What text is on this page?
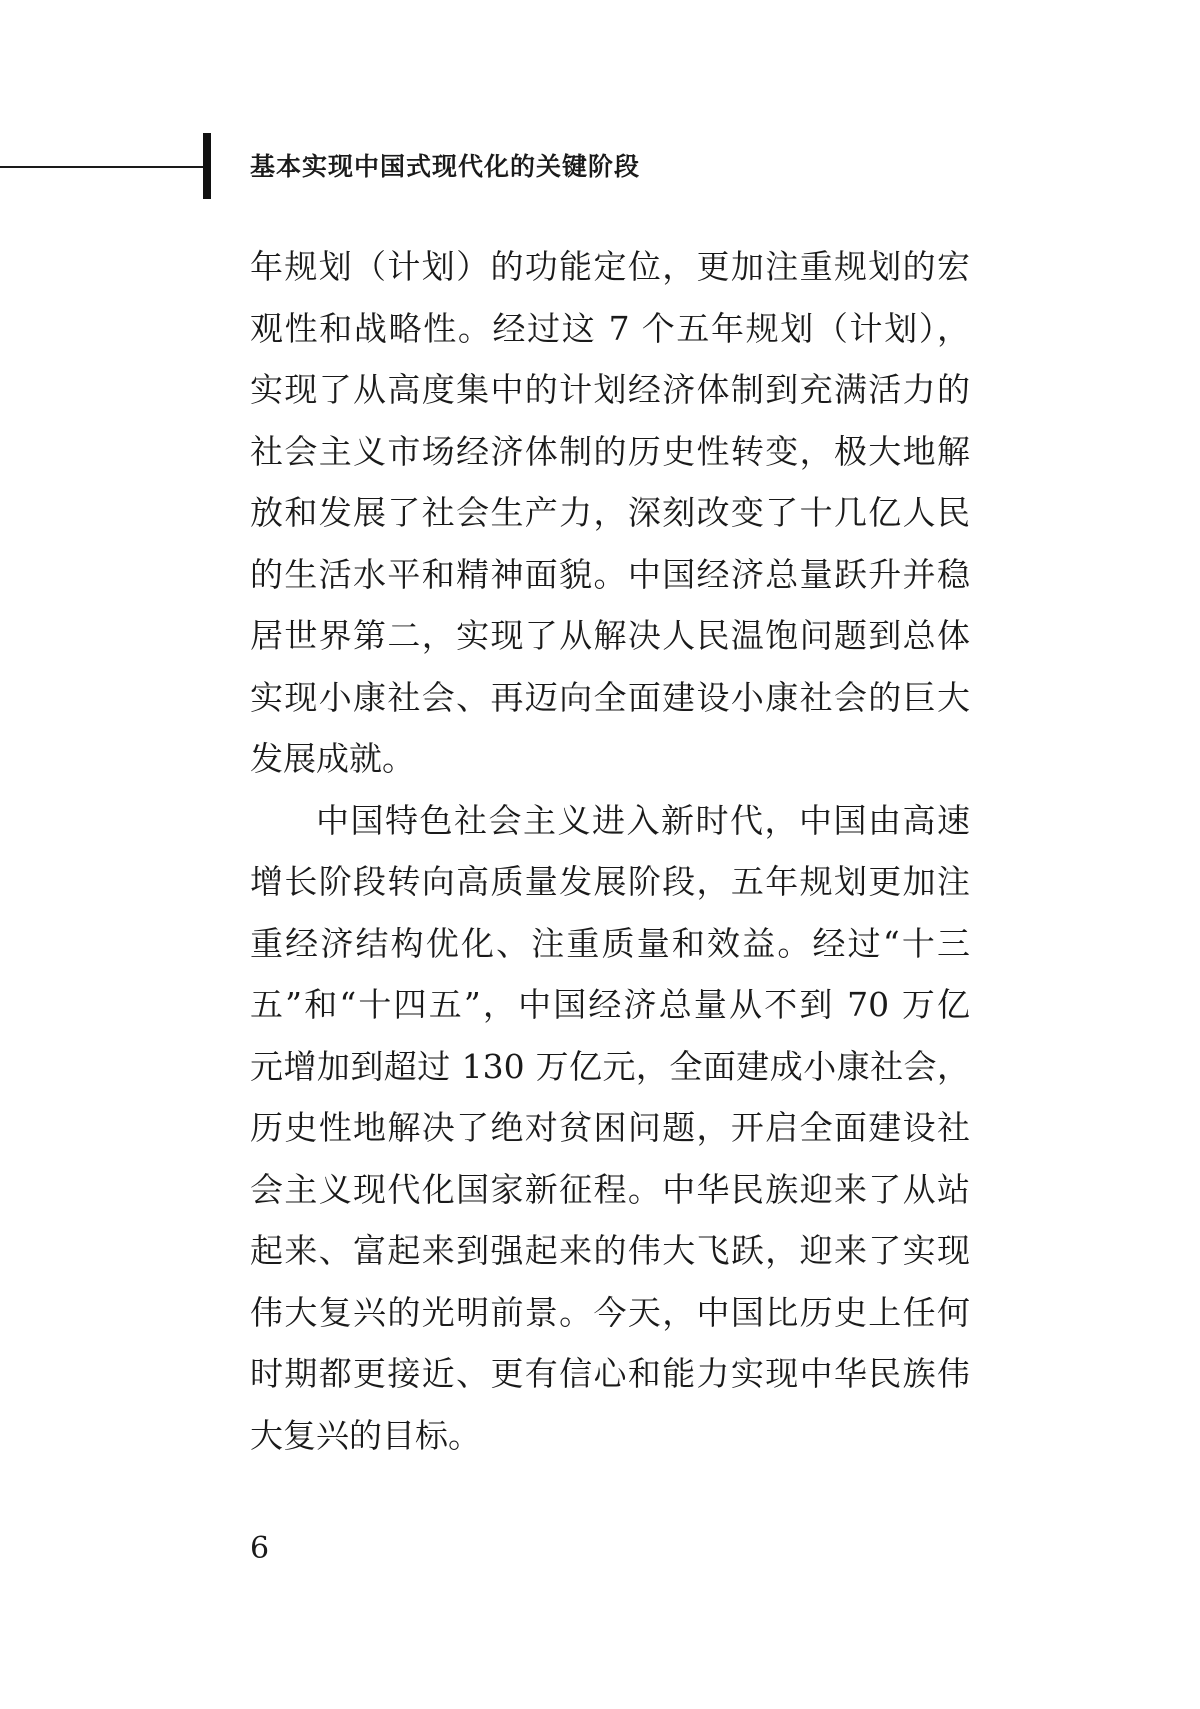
基本实现中国式现代化的关键阶段
年规划（计划）的功能定位，更加注重规划的宏
观性和战略性。经过这 7 个五年规划（计划），
实现了从高度集中的计划经济体制到充满活力的
社会主义市场经济体制的历史性转变，极大地解
放和发展了社会生产力，深刻改变了十几亿人民
的生活水平和精神面貌。中国经济总量跃升并稳
居世界第二，实现了从解决人民温饱问题到总体
实现小康社会、再迈向全面建设小康社会的巨大
发展成就。
中国特色社会主义进入新时代，中国由高速
增长阶段转向高质量发展阶段，五年规划更加注
重经济结构优化、注重质量和效益。经过“十三
五”和“十四五”，中国经济总量从不到 70 万亿
元增加到超过 130 万亿元，全面建成小康社会，
历史性地解决了绝对贫困问题，开启全面建设社
会主义现代化国家新征程。中华民族迎来了从站
起来、富起来到强起来的伟大飞跃，迎来了实现
伟大复兴的光明前景。今天，中国比历史上任何
时期都更接近、更有信心和能力实现中华民族伟
大复兴的目标。
6
